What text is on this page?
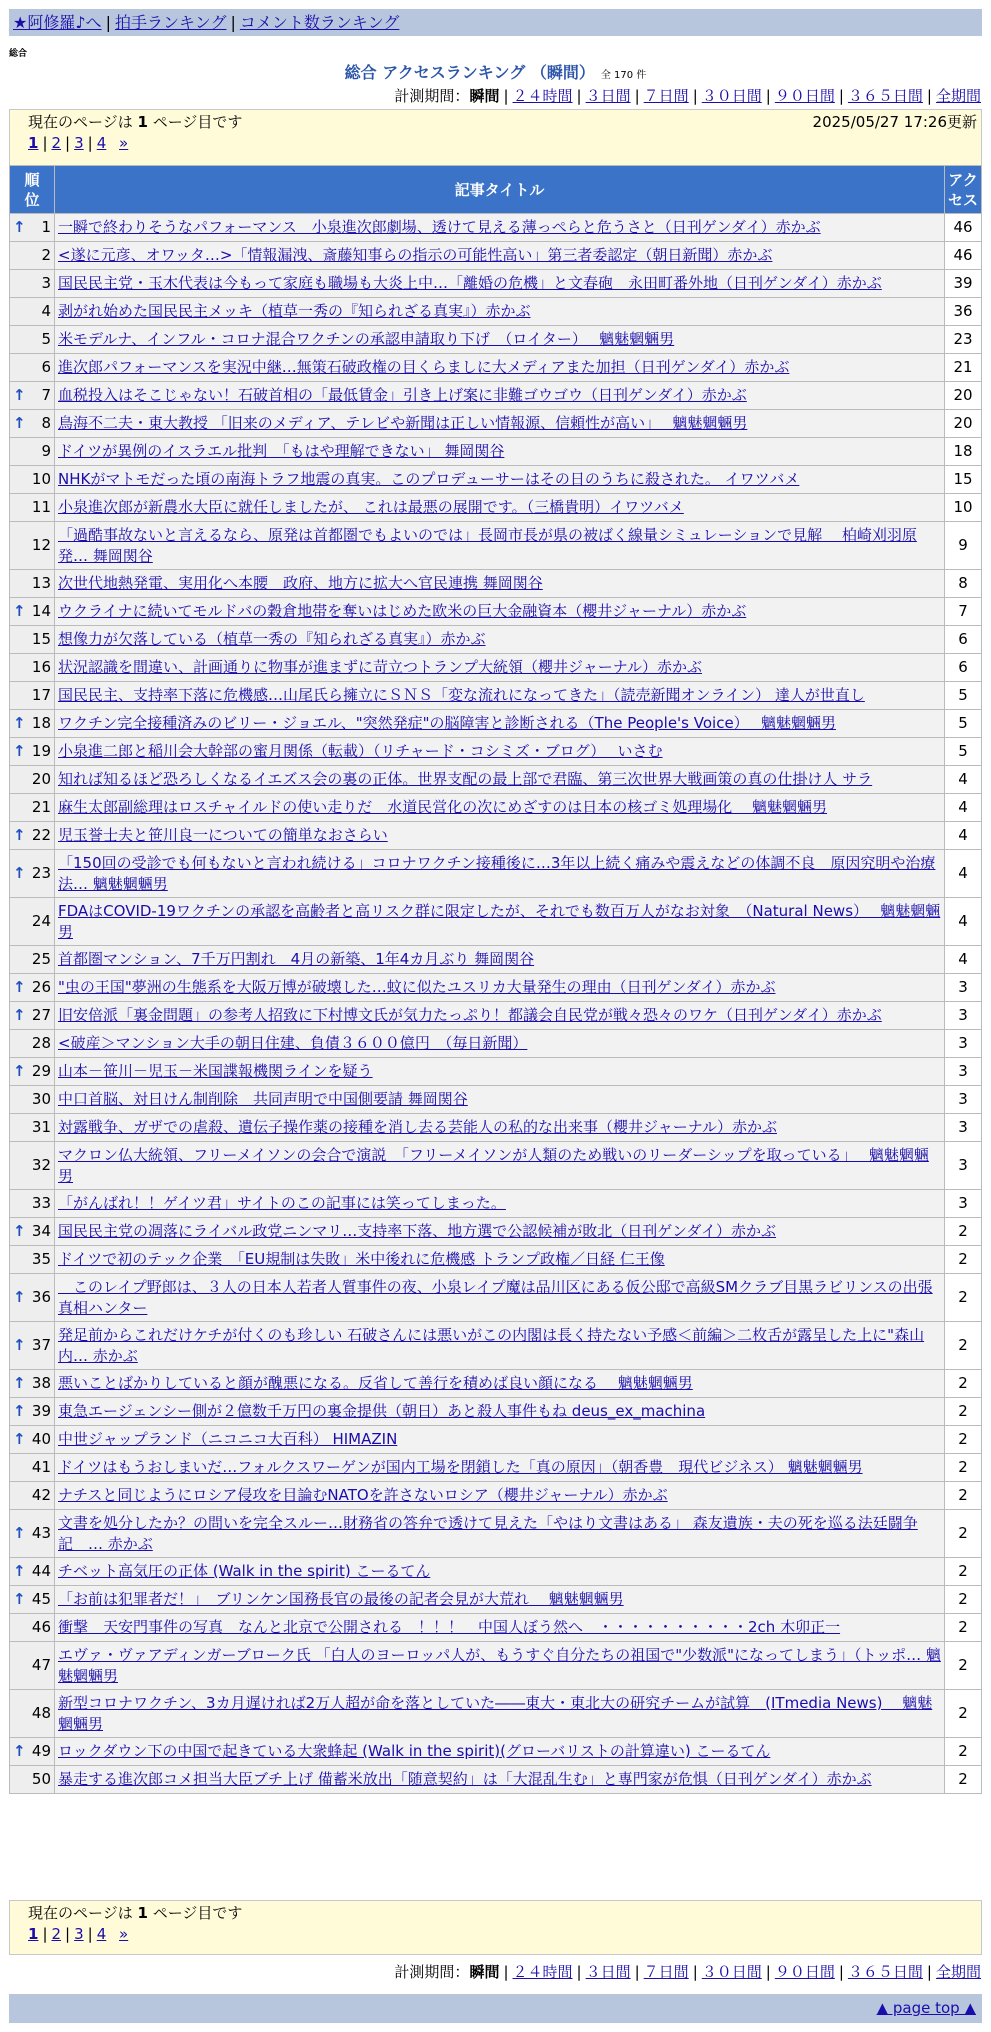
★阿修羅♪へ | 拍手ランキング | コメント数ランキング
総合
総合 アクセスランキング （瞬間） 全 170 件
計測期間：瞬間 | ２４時間 | ３日間 | ７日間 | ３０日間 | ９０日間 | ３６５日間 | 全期間
現在のページは 1 ページ目です	2025/05/27 17:26更新
1 | 2 | 3 | 4 »
順位	記事タイトル	アクセス

↑ 1	一瞬で終わりそうなパフォーマンス　小泉進次郎劇場、透けて見える薄っぺらと危うさと（日刊ゲンダイ）赤かぶ	46
2	<遂に元彦、オワッタ…>「情報漏洩、斎藤知事らの指示の可能性高い」第三者委認定（朝日新聞）赤かぶ	46
3	国民民主党・玉木代表は今もって家庭も職場も大炎上中…「離婚の危機」と文春砲　永田町番外地（日刊ゲンダイ）赤かぶ	39
4	剥がれ始めた国民民主メッキ（植草一秀の『知られざる真実』）赤かぶ	36
5	米モデルナ、インフル・コロナ混合ワクチンの承認申請取り下げ　（ロイター）　 魑魅魍魎男	23
6	進次郎パフォーマンスを実況中継…無策石破政権の目くらましに大メディアまた加担（日刊ゲンダイ）赤かぶ	21

↑ 7	血税投入はそこじゃない！石破首相の「最低賃金」引き上げ案に非難ゴウゴウ（日刊ゲンダイ）赤かぶ	20

↑ 8	鳥海不二夫・東大教授 「旧来のメディア、テレビや新聞は正しい情報源、信頼性が高い」　 魑魅魍魎男	20
9	ドイツが異例のイスラエル批判　「もはや理解できない」 舞岡関谷	18
10	NHKがマトモだった頃の南海トラフ地震の真実。このプロデューサーはその日のうちに殺された。 イワツバメ	15
11	小泉進次郎が新農水大臣に就任しましたが、 これは最悪の展開です。（三橋貴明）イワツバメ	10
12	「過酷事故ないと言えるなら、原発は首都圏でもよいのでは」長岡市長が県の被ばく線量シミュレーションで見解　 柏崎刈羽原発… 舞岡関谷	9
13	次世代地熱発電、実用化へ本腰　政府、地方に拡大へ官民連携 舞岡関谷	8

↑ 14	ウクライナに続いてモルドバの穀倉地帯を奪いはじめた欧米の巨大金融資本（櫻井ジャーナル）赤かぶ	7
15	想像力が欠落している（植草一秀の『知られざる真実』）赤かぶ	6
16	状況認識を間違い、計画通りに物事が進まずに苛立つトランプ大統領（櫻井ジャーナル）赤かぶ	6
17	国民民主、支持率下落に危機感…山尾氏ら擁立にＳＮＳ「変な流れになってきた」（読売新聞オンライン） 達人が世直し	5

↑ 18	ワクチン完全接種済みのビリー・ジョエル、"突然発症"の脳障害と診断される（The People's Voice）　 魑魅魍魎男	5

↑ 19	小泉進二郎と稲川会大幹部の蜜月関係（転載）（リチャード・コシミズ・ブログ）　 いさむ	5
20	知れば知るほど恐ろしくなるイエズス会の裏の正体。世界支配の最上部で君臨、第三次世界大戦画策の真の仕掛け人 サラ	4
21	麻生太郎副総理はロスチャイルドの使い走りだ　水道民営化の次にめざすのは日本の核ゴミ処理場化　 魑魅魍魎男	4

↑ 22	児玉誉士夫と笹川良一についての簡単なおさらい	4

↑ 23	「150回の受診でも何もないと言われ続ける」コロナワクチン接種後に…3年以上続く痛みや震えなどの体調不良　原因究明や治療法… 魑魅魍魎男	4
24	FDAはCOVID-19ワクチンの承認を高齢者と高リスク群に限定したが、それでも数百万人がなお対象　（Natural News）　 魑魅魍魎男	4
25	首都圏マンション、7千万円割れ　4月の新築、1年4カ月ぶり 舞岡関谷	4

↑ 26	"虫の王国"夢洲の生態系を大阪万博が破壊した…蚊に似たユスリカ大量発生の理由（日刊ゲンダイ）赤かぶ	3

↑ 27	旧安倍派「裏金問題」の参考人招致に下村博文氏が気力たっぷり！都議会自民党が戦々恐々のワケ（日刊ゲンダイ）赤かぶ	3
28	<破産＞マンション大手の朝日住建、負債３６００億円　（毎日新聞）	3

↑ 29	山本－笹川－児玉－米国諜報機関ラインを疑う	3
30	中口首脳、対日けん制削除　共同声明で中国側要請 舞岡関谷	3
31	対露戦争、ガザでの虐殺、遺伝子操作薬の接種を消し去る芸能人の私的な出来事（櫻井ジャーナル）赤かぶ	3
32	マクロン仏大統領、フリーメイソンの会合で演説　「フリーメイソンが人類のため戦いのリーダーシップを取っている」　 魑魅魍魎男	3
33	「がんばれ！！ゲイツ君」サイトのこの記事には笑ってしまった。	3

↑ 34	国民民主党の凋落にライバル政党ニンマリ…支持率下落、地方選で公認候補が敗北（日刊ゲンダイ）赤かぶ	2
35	ドイツで初のテック企業　「EU規制は失敗」米中後れに危機感 トランプ政権／日経 仁王像	2

↑ 36	　このレイプ野郎は、３人の日本人若者人質事件の夜、小泉レイプ魔は品川区にある仮公邸で高級SMクラブ目黒ラビリンスの出張 真相ハンター	2

↑ 37	発足前からこれだけケチが付くのも珍しい 石破さんには悪いがこの内閣は長く持たない予感＜前編＞二枚舌が露呈した上に"森山内… 赤かぶ	2

↑ 38	悪いことばかりしていると顔が醜悪になる。反省して善行を積めば良い顔になる　 魑魅魍魎男	2

↑ 39	東急エージェンシー側が２億数千万円の裏金提供（朝日）あと殺人事件もね deus_ex_machina	2

↑ 40	中世ジャップランド（ニコニコ大百科） HIMAZIN	2
41	ドイツはもうおしまいだ…フォルクスワーゲンが国内工場を閉鎖した「真の原因」（朝香豊　現代ビジネス） 魑魅魍魎男	2
42	ナチスと同じようにロシア侵攻を目論むNATOを許さないロシア（櫻井ジャーナル）赤かぶ	2

↑ 43	文書を処分したか？の問いを完全スルー…財務省の答弁で透けて見えた「やはり文書はある」 森友遺族・夫の死を巡る法廷闘争記　… 赤かぶ	2

↑ 44	チベット高気圧の正体 (Walk in the spirit) こーるてん	2

↑ 45	「お前は犯罪者だ！」　ブリンケン国務長官の最後の記者会見が大荒れ　 魑魅魍魎男	2
46	衝撃　天安門事件の写真　なんと北京で公開される　！！！　中国人ぼう然へ　・・・・・・・・・・2ch 木卯正一	2
47	エヴァ・ヴァアディンガーブローク氏 「白人のヨーロッパ人が、もうすぐ自分たちの祖国で"少数派"になってしまう」（トッポ… 魑魅魍魎男	2
48	新型コロナワクチン、3カ月遅ければ2万人超が命を落としていた――東大・東北大の研究チームが試算　(ITmedia News)　 魑魅魍魎男	2

↑ 49	ロックダウン下の中国で起きている大衆蜂起 (Walk in the spirit)(グローバリストの計算違い) こーるてん	2
50	暴走する進次郎コメ担当大臣ブチ上げ 備蓄米放出「随意契約」は「大混乱生む」と専門家が危惧（日刊ゲンダイ）赤かぶ	2
現在のページは 1 ページ目です
1 | 2 | 3 | 4 »
計測期間：瞬間 | ２４時間 | ３日間 | ７日間 | ３０日間 | ９０日間 | ３６５日間 | 全期間
▲ page top ▲
